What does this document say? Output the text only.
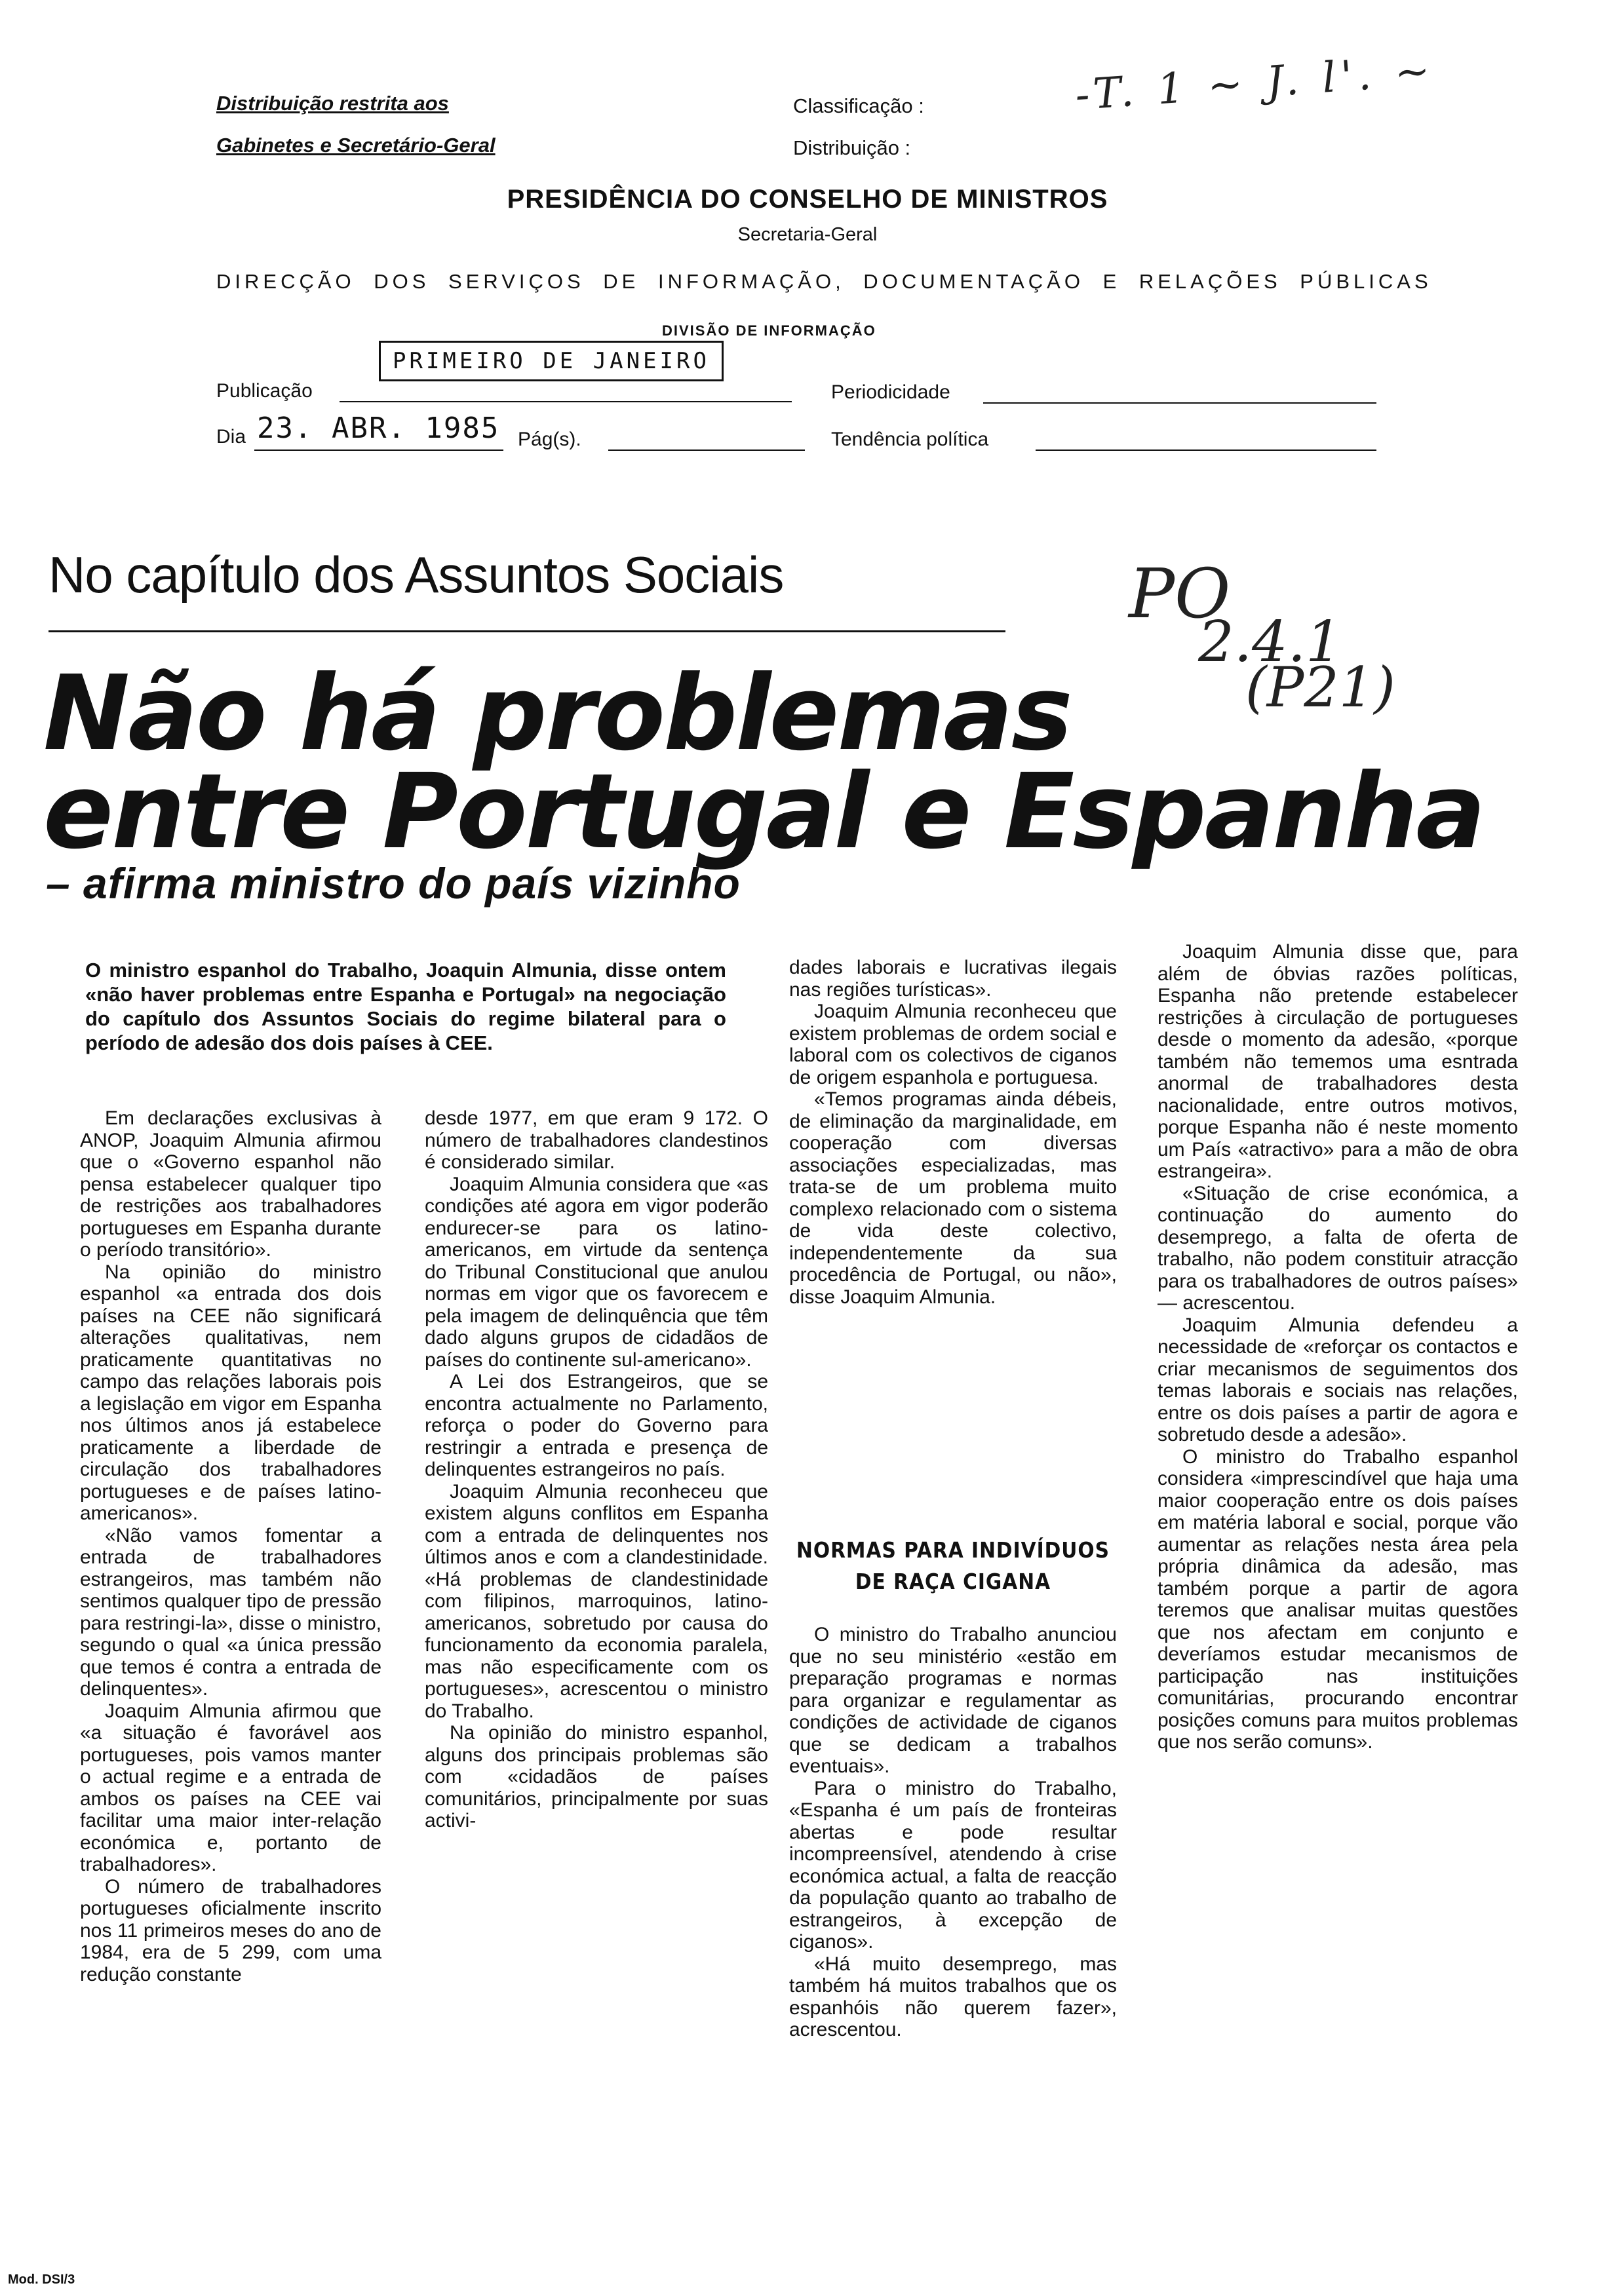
Distribuição restrita aos
Gabinetes e Secretário-Geral
Classificação :
Distribuição :
-T. 1 ~ J. l'. ~
PRESIDÊNCIA DO CONSELHO DE MINISTROS
Secretaria-Geral
DIRECÇÃO DOS SERVIÇOS DE INFORMAÇÃO, DOCUMENTAÇÃO E RELAÇÕES PÚBLICAS
DIVISÃO DE INFORMAÇÃO
Publicação
PRIMEIRO DE JANEIRO
Periodicidade
Dia 23. ABR. 1985 Pág(s).	Tendência política
No capítulo dos Assuntos Sociais	PO
2.4.1
(P21)
Não há problemas
entre Portugal e Espanha
– afirma ministro do país vizinho
O ministro espanhol do Trabalho, Joaquin Almunia, disse ontem «não haver problemas entre Espanha e Portugal» na negociação do capítulo dos Assuntos Sociais do regime bilateral para o período de adesão dos dois países à CEE.

Em declarações exclusivas à ANOP, Joaquim Almunia afirmou que o «Governo espanhol não pensa estabelecer qualquer tipo de restrições aos trabalhadores portugueses em Espanha durante o período transitório».

Na opinião do ministro espanhol «a entrada dos dois países na CEE não significará alterações qualitativas, nem praticamente quantitativas no campo das relações laborais pois a legislação em vigor em Espanha nos últimos anos já estabelece praticamente a liberdade de circulação dos trabalhadores portugueses e de países latino-americanos».

«Não vamos fomentar a entrada de trabalhadores estrangeiros, mas também não sentimos qualquer tipo de pressão para restringi-la», disse o ministro, segundo o qual «a única pressão que temos é contra a entrada de delinquentes».

Joaquim Almunia afirmou que «a situação é favorável aos portugueses, pois vamos manter o actual regime e a entrada de ambos os países na CEE vai facilitar uma maior inter-relação económica e, portanto de trabalhadores».

O número de trabalhadores portugueses oficialmente inscrito nos 11 primeiros meses do ano de 1984, era de 5 299, com uma redução constante

desde 1977, em que eram 9 172. O número de trabalhadores clandestinos é considerado similar.

Joaquim Almunia considera que «as condições até agora em vigor poderão endurecer-se para os latino-americanos, em virtude da sentença do Tribunal Constitucional que anulou normas em vigor que os favorecem e pela imagem de delinquência que têm dado alguns grupos de cidadãos de países do continente sul-americano».

A Lei dos Estrangeiros, que se encontra actualmente no Parlamento, reforça o poder do Governo para restringir a entrada e presença de delinquentes estrangeiros no país.

Joaquim Almunia reconheceu que existem alguns conflitos em Espanha com a entrada de delinquentes nos últimos anos e com a clandestinidade. «Há problemas de clandestinidade com filipinos, marroquinos, latino-americanos, sobretudo por causa do funcionamento da economia paralela, mas não especificamente com os portugueses», acrescentou o ministro do Trabalho.

Na opinião do ministro espanhol, alguns dos principais problemas são com «cidadãos de países comunitários, principalmente por suas activi-

dades laborais e lucrativas ilegais nas regiões turísticas».

Joaquim Almunia reconheceu que existem problemas de ordem social e laboral com os colectivos de ciganos de origem espanhola e portuguesa.

«Temos programas ainda débeis, de eliminação da marginalidade, em cooperação com diversas associações especializadas, mas trata-se de um problema muito complexo relacionado com o sistema de vida deste colectivo, independentemente da sua procedência de Portugal, ou não», disse Joaquim Almunia.

NORMAS PARA INDIVÍDUOS
DE RAÇA CIGANA

O ministro do Trabalho anunciou que no seu ministério «estão em preparação programas e normas para organizar e regulamentar as condições de actividade de ciganos que se dedicam a trabalhos eventuais».

Para o ministro do Trabalho, «Espanha é um país de fronteiras abertas e pode resultar incompreensível, atendendo à crise económica actual, a falta de reacção da população quanto ao trabalho de estrangeiros, à excepção de ciganos».

«Há muito desemprego, mas também há muitos trabalhos que os espanhóis não querem fazer», acrescentou.

Joaquim Almunia disse que, para além de óbvias razões políticas, Espanha não pretende estabelecer restrições à circulação de portugueses desde o momento da adesão, «porque também não tememos uma esntrada anormal de trabalhadores desta nacionalidade, entre outros motivos, porque Espanha não é neste momento um País «atractivo» para a mão de obra estrangeira».

«Situação de crise económica, a continuação do aumento do desemprego, a falta de oferta de trabalho, não podem constituir atracção para os trabalhadores de outros países» — acrescentou.

Joaquim Almunia defendeu a necessidade de «reforçar os contactos e criar mecanismos de seguimentos dos temas laborais e sociais nas relações, entre os dois países a partir de agora e sobretudo desde a adesão».

O ministro do Trabalho espanhol considera «imprescindível que haja uma maior cooperação entre os dois países em matéria laboral e social, porque vão aumentar as relações nesta área pela própria dinâmica da adesão, mas também porque a partir de agora teremos que analisar muitas questões que nos afectam em conjunto e deveríamos estudar mecanismos de participação nas instituições comunitárias, procurando encontrar posições comuns para muitos problemas que nos serão comuns».

Mod. DSI/3
